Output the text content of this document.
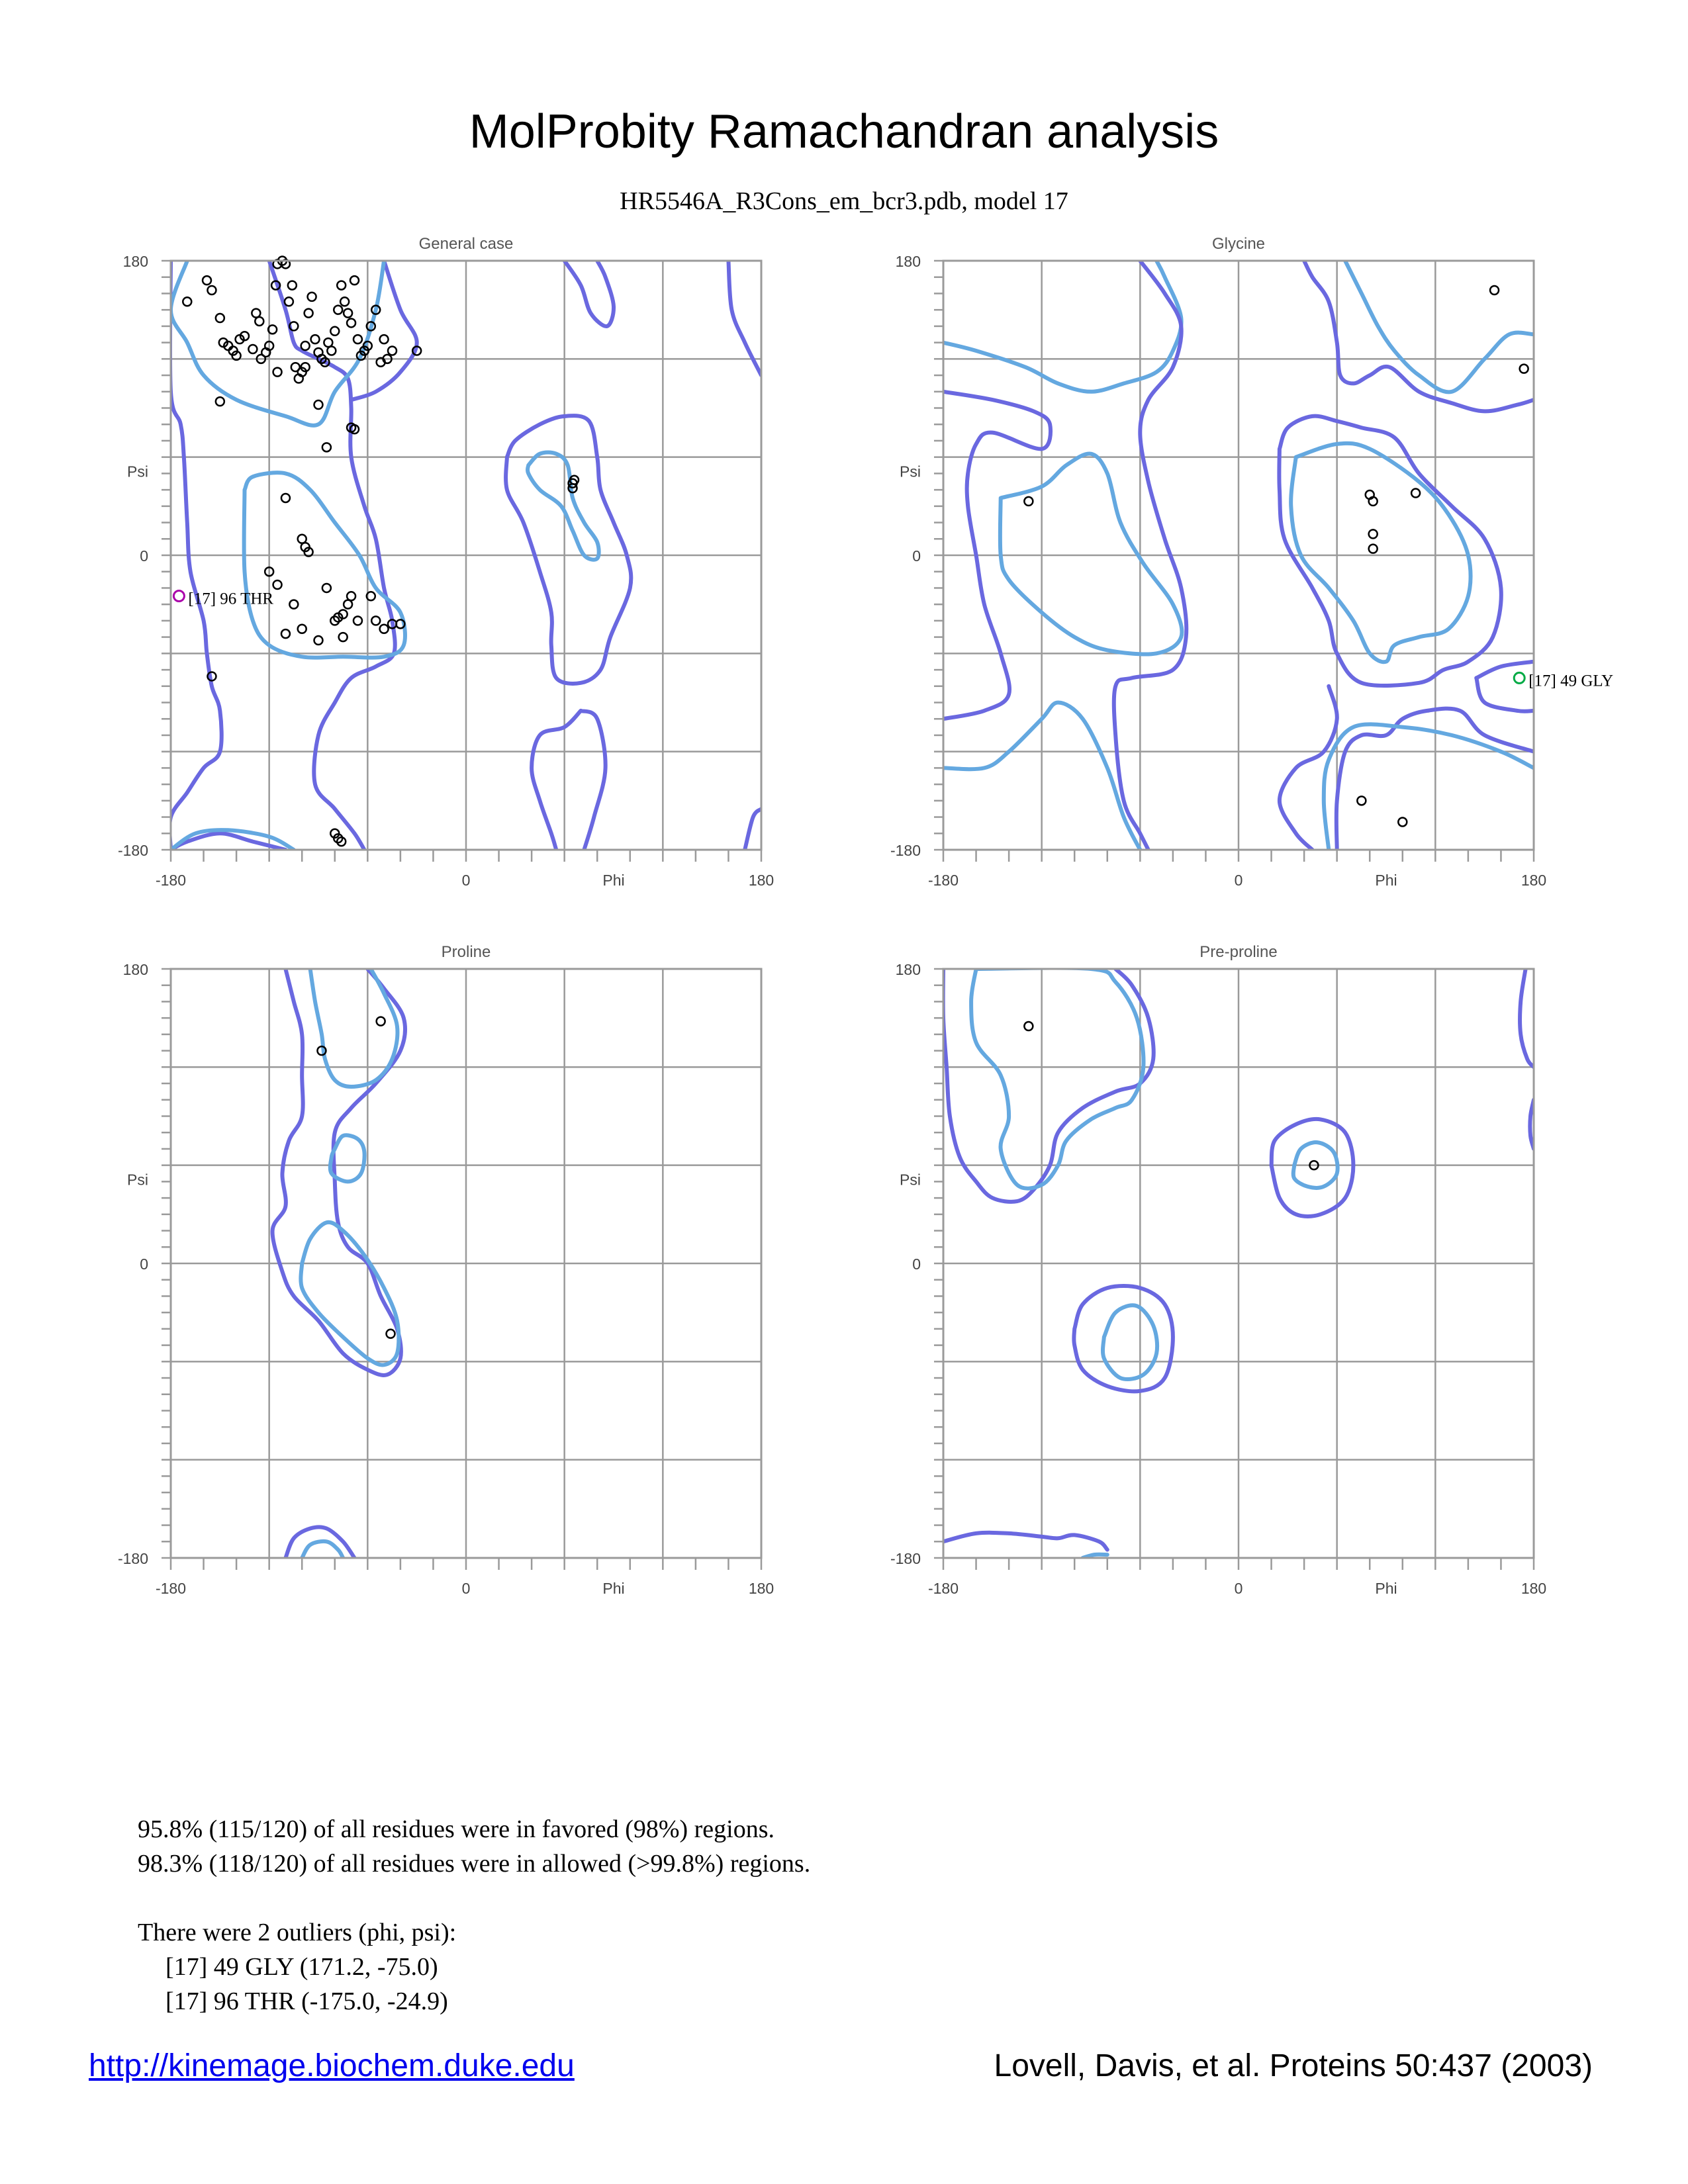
MolProbity Ramachandran analysis
HR5546A_R3Cons_em_bcr3.pdb, model 17
[17] 96 THR
General case
180
0
-180
Psi
-180	0	180
Phi
[17] 49 GLY
Glycine
180
0
-180
Psi
-180	0	180
Phi
Proline
180
0
-180
Psi
-180	0	180
Phi
Pre-proline
180
0
-180
Psi
-180	0	180
Phi
95.8% (115/120) of all residues were in favored (98%) regions.
98.3% (118/120) of all residues were in allowed (>99.8%) regions.
There were 2 outliers (phi, psi):
[17] 49 GLY (171.2, -75.0)
[17] 96 THR (-175.0, -24.9)
http://kinemage.biochem.duke.edu	Lovell, Davis, et al. Proteins 50:437 (2003)
